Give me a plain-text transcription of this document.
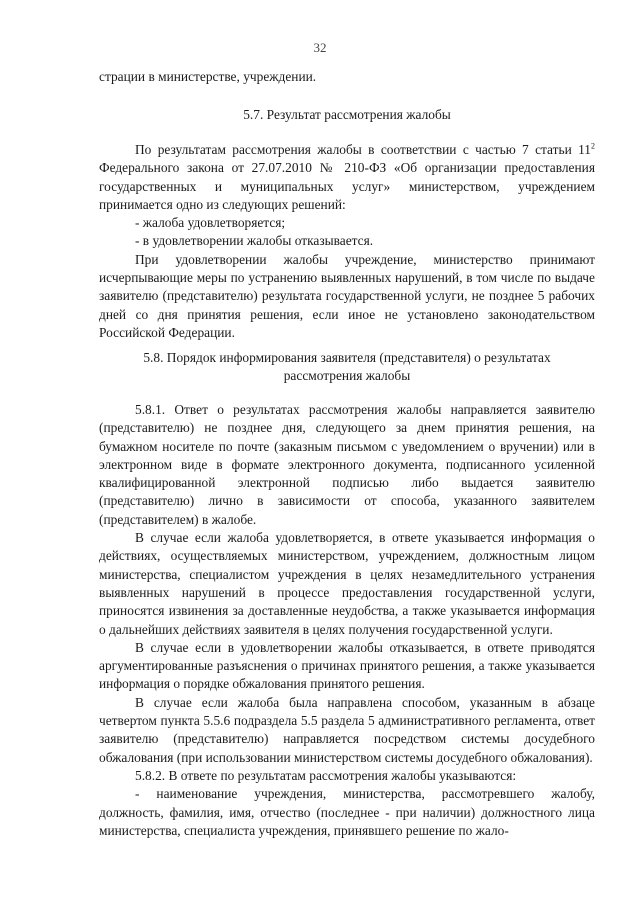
32

страции в министерстве, учреждении.

5.7. Результат рассмотрения жалобы

По результатам рассмотрения жалобы в соответствии с частью 7 статьи $11^2$ Федерального закона от 27.07.2010 № 210-ФЗ «Об организации предоставления государственных и муниципальных услуг» министерством, учреждением принимается одно из следующих решений:

- жалоба удовлетворяется;

- в удовлетворении жалобы отказывается.

При удовлетворении жалобы учреждение, министерство принимают исчерпывающие меры по устранению выявленных нарушений, в том числе по выдаче заявителю (представителю) результата государственной услуги, не позднее 5 рабочих дней со дня принятия решения, если иное не установлено законодательством Российской Федерации.

5.8. Порядок информирования заявителя (представителя) о результатах

рассмотрения жалобы

5.8.1. Ответ о результатах рассмотрения жалобы направляется заявителю (представителю) не позднее дня, следующего за днем принятия решения, на бумажном носителе по почте (заказным письмом с уведомлением о вручении) или в электронном виде в формате электронного документа, подписанного усиленной квалифицированной электронной подписью либо выдается заявителю (представителю) лично в зависимости от способа, указанного заявителем (представителем) в жалобе.

В случае если жалоба удовлетворяется, в ответе указывается информация о действиях, осуществляемых министерством, учреждением, должностным лицом министерства, специалистом учреждения в целях незамедлительного устранения выявленных нарушений в процессе предоставления государственной услуги, приносятся извинения за доставленные неудобства, а также указывается информация о дальнейших действиях заявителя в целях получения государственной услуги.

В случае если в удовлетворении жалобы отказывается, в ответе приводятся аргументированные разъяснения о причинах принятого решения, а также указывается информация о порядке обжалования принятого решения.

В случае если жалоба была направлена способом, указанным в абзаце четвертом пункта 5.5.6 подраздела 5.5 раздела 5 административного регламента, ответ заявителю (представителю) направляется посредством системы досудебного обжалования (при использовании министерством системы досудебного обжалования).

5.8.2. В ответе по результатам рассмотрения жалобы указываются:

- наименование учреждения, министерства, рассмотревшего жалобу, должность, фамилия, имя, отчество (последнее - при наличии) должностного лица министерства, специалиста учреждения, принявшего решение по жало-
